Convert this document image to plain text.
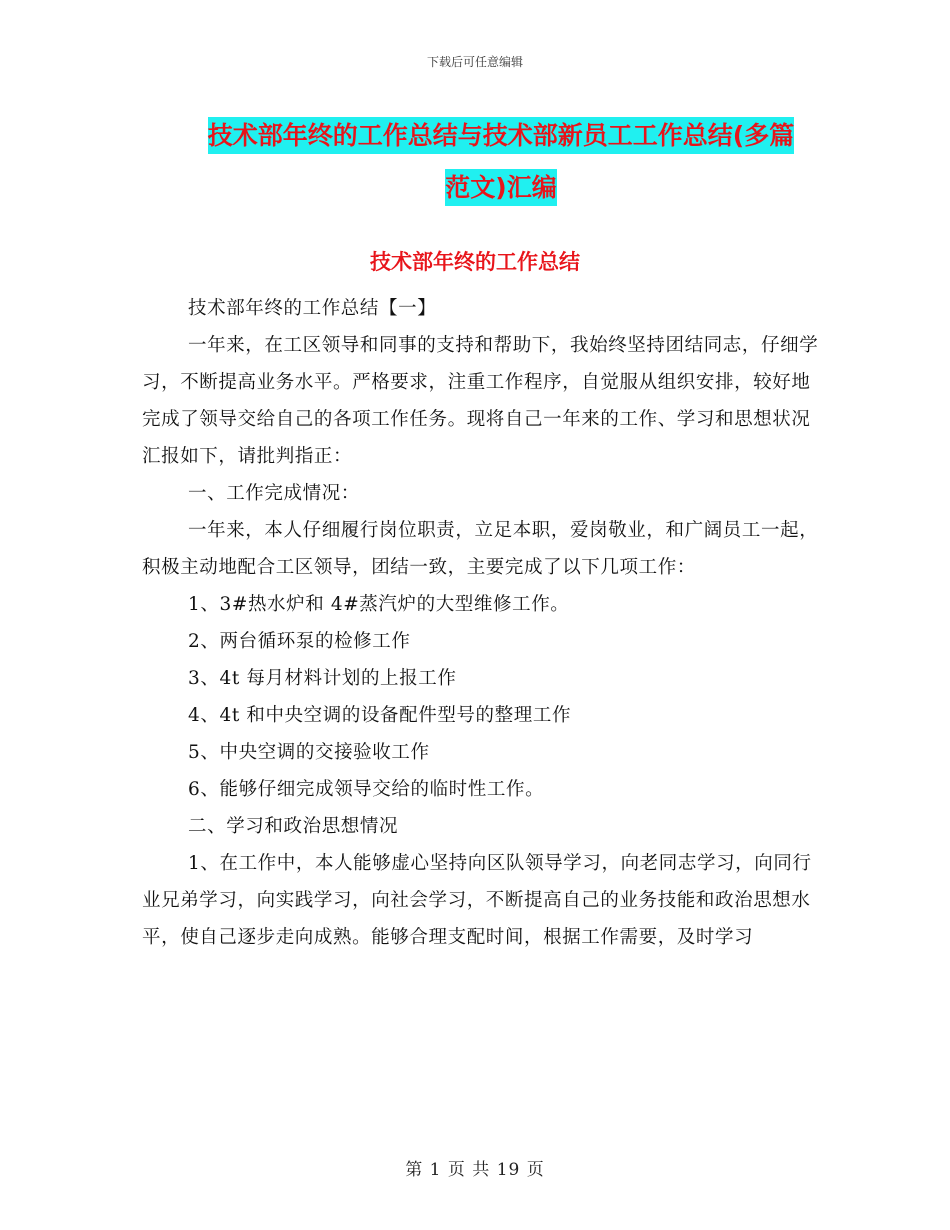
下载后可任意编辑
技术部年终的工作总结与技术部新员工工作总结(多篇
范文)汇编
技术部年终的工作总结

技术部年终的工作总结【一】

一年来，在工区领导和同事的支持和帮助下，我始终坚持团结同志，仔细学习，不断提高业务水平。严格要求，注重工作程序，自觉服从组织安排，较好地完成了领导交给自己的各项工作任务。现将自己一年来的工作、学习和思想状况汇报如下，请批判指正：

一、工作完成情况：

一年来，本人仔细履行岗位职责，立足本职，爱岗敬业，和广阔员工一起，积极主动地配合工区领导，团结一致，主要完成了以下几项工作：

1、3#热水炉和 4#蒸汽炉的大型维修工作。

2、两台循环泵的检修工作

3、4t 每月材料计划的上报工作

4、4t 和中央空调的设备配件型号的整理工作

5、中央空调的交接验收工作

6、能够仔细完成领导交给的临时性工作。

二、学习和政治思想情况

1、在工作中，本人能够虚心坚持向区队领导学习，向老同志学习，向同行业兄弟学习，向实践学习，向社会学习，不断提高自己的业务技能和政治思想水平，使自己逐步走向成熟。能够合理支配时间，根据工作需要，及时学习

第 1 页 共 19 页
